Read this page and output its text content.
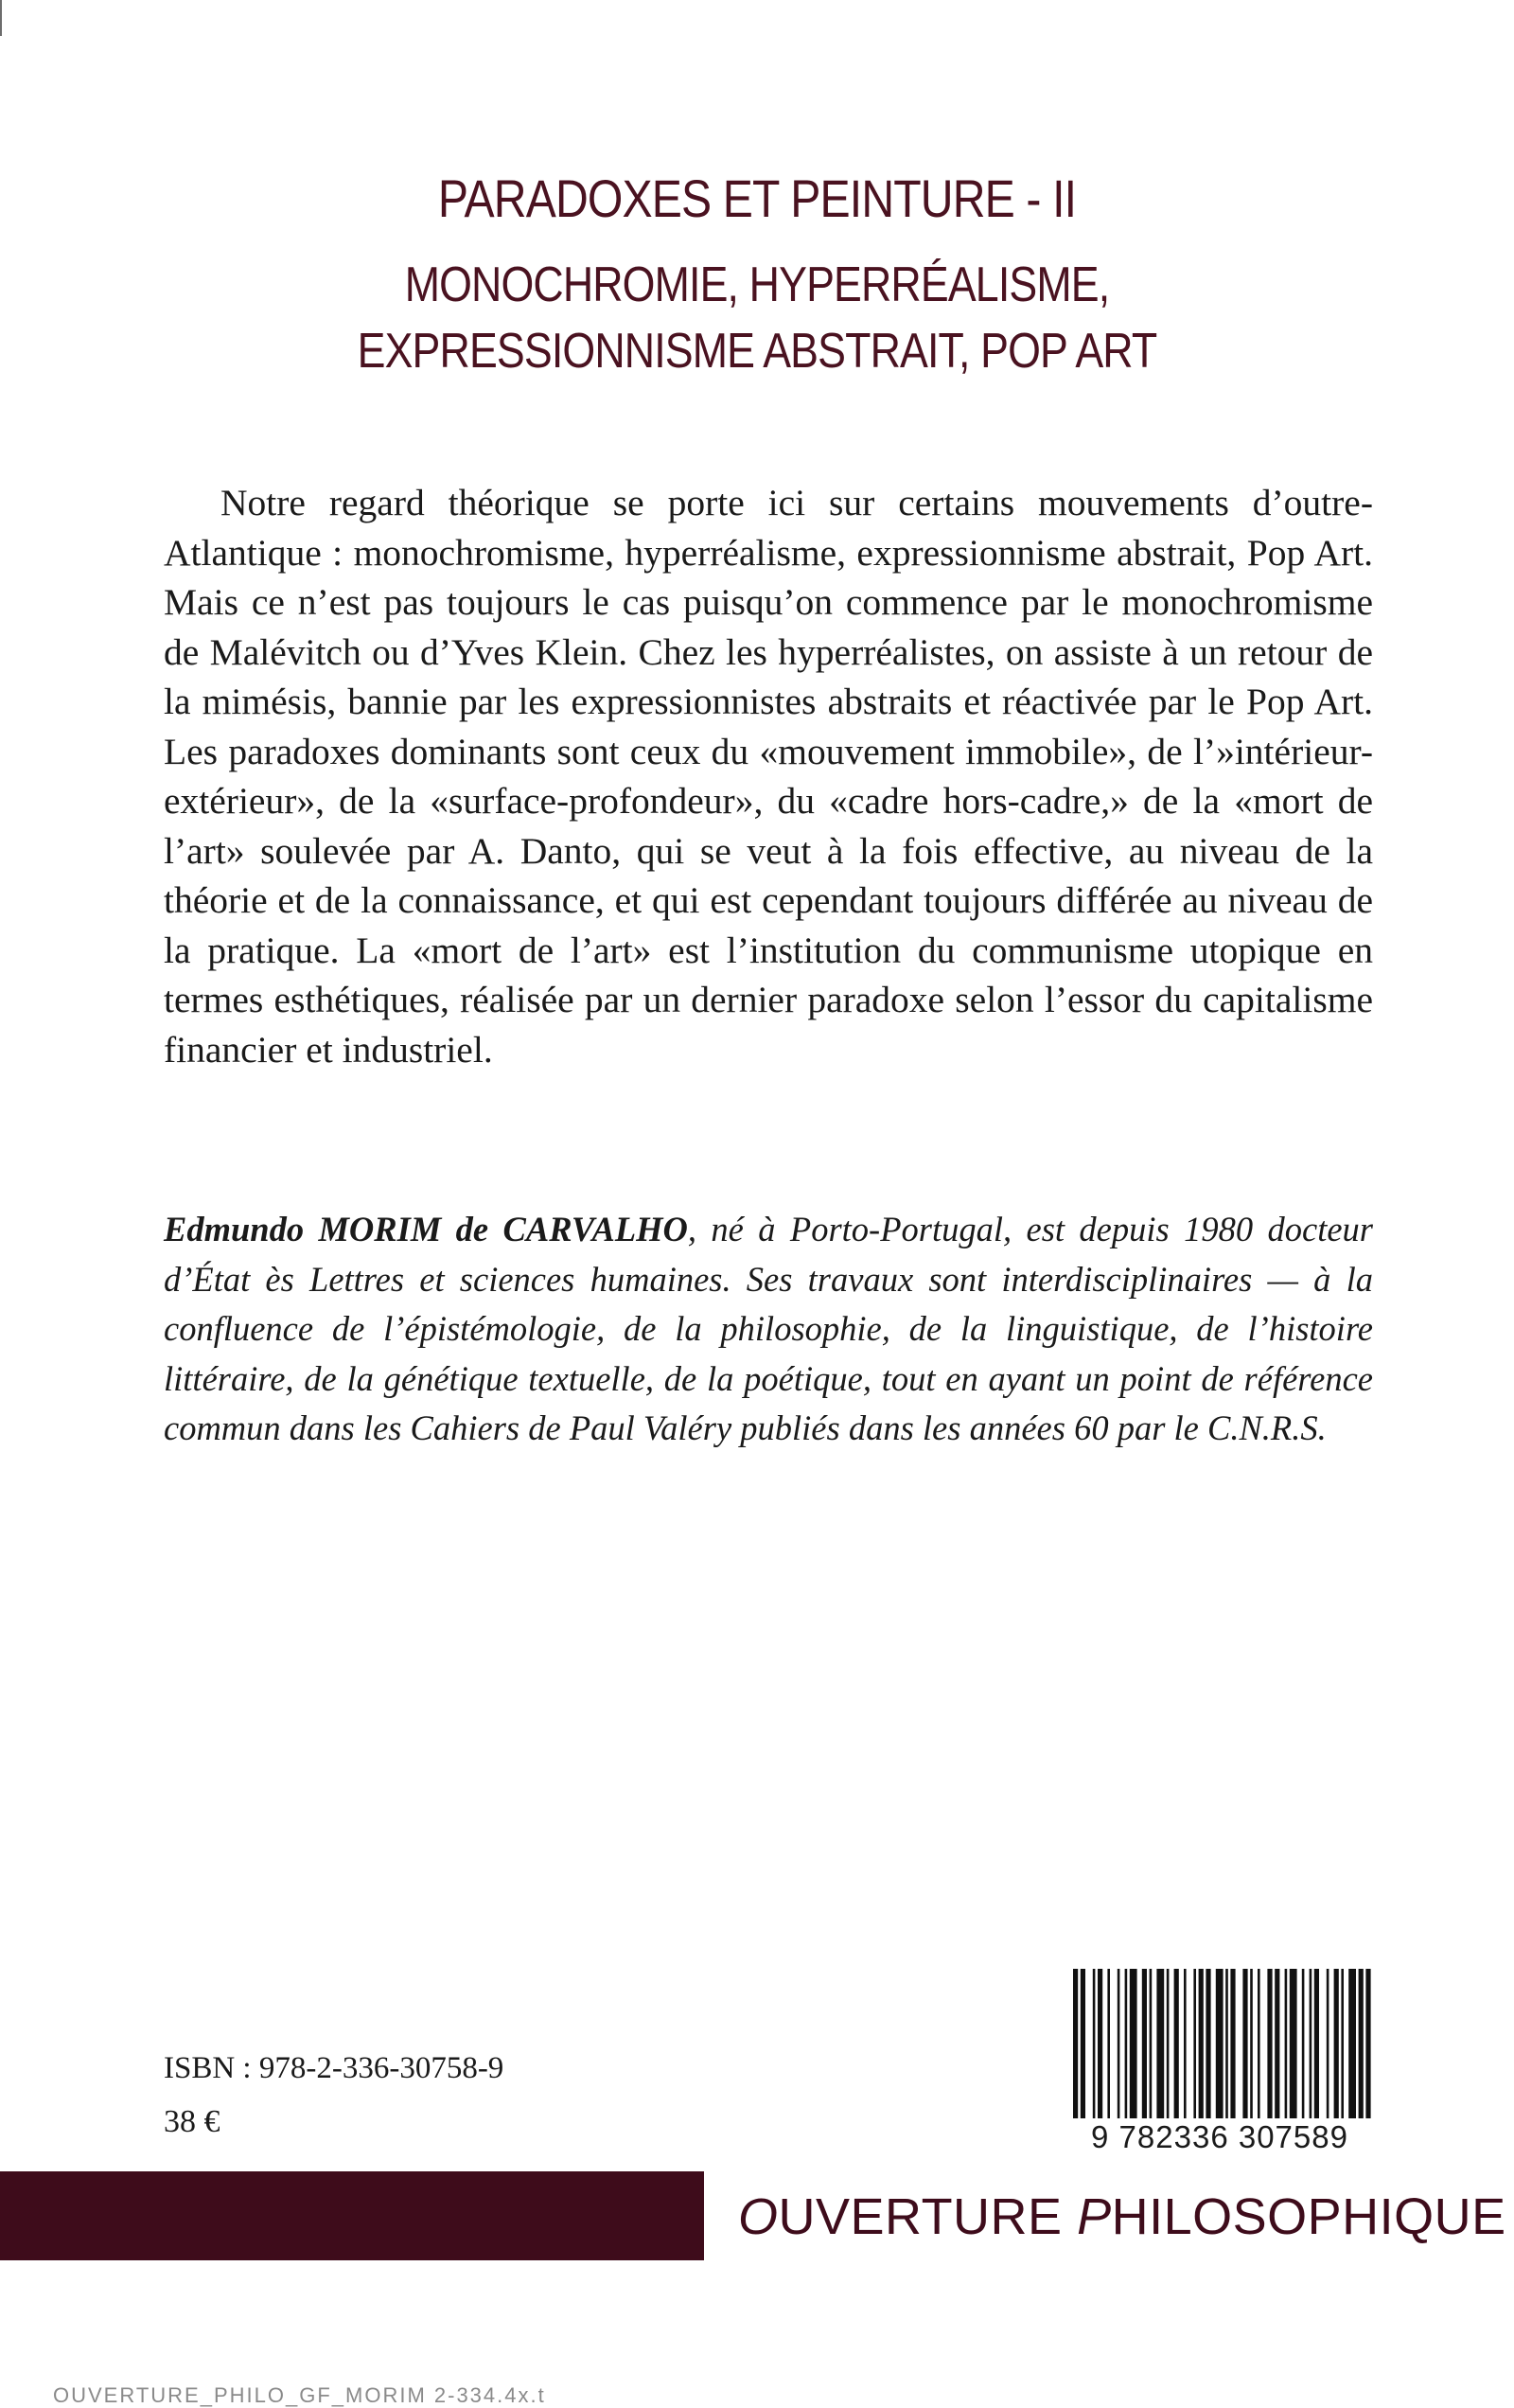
PARADOXES ET PEINTURE - II

MONOCHROMIE, HYPERRÉALISME,

EXPRESSIONNISME ABSTRAIT, POP ART

Notre regard théorique se porte ici sur certains mouvements d’outre-Atlantique : monochromisme, hyperréalisme, expressionnisme abstrait, Pop Art. Mais ce n’est pas toujours le cas puisqu’on commence par le monochromisme de Malévitch ou d’Yves Klein. Chez les hyperréalistes, on assiste à un retour de la mimésis, bannie par les expressionnistes abstraits et réactivée par le Pop Art. Les paradoxes dominants sont ceux du «mouvement immobile», de l’»intérieur-extérieur», de la «surface-profondeur», du «cadre hors-cadre,» de la «mort de l’art» soulevée par A. Danto, qui se veut à la fois effective, au niveau de la théorie et de la connaissance, et qui est cependant toujours différée au niveau de la pratique. La «mort de l’art» est l’institution du communisme utopique en termes esthétiques, réalisée par un dernier paradoxe selon l’essor du capitalisme financier et industriel.

Edmundo MORIM de CARVALHO, né à Porto-Portugal, est depuis 1980 docteur d’État ès Lettres et sciences humaines. Ses travaux sont interdisciplinaires — à la confluence de l’épistémologie, de la philosophie, de la linguistique, de l’histoire littéraire, de la génétique textuelle, de la poétique, tout en ayant un point de référence commun dans les Cahiers de Paul Valéry publiés dans les années 60 par le C.N.R.S.

ISBN : 978-2-336-30758-9
38 €	9 782336 307589
OUVERTURE PHILOSOPHIQUE
OUVERTURE_PHILO_GF_MORIM 2-334.4x.t
